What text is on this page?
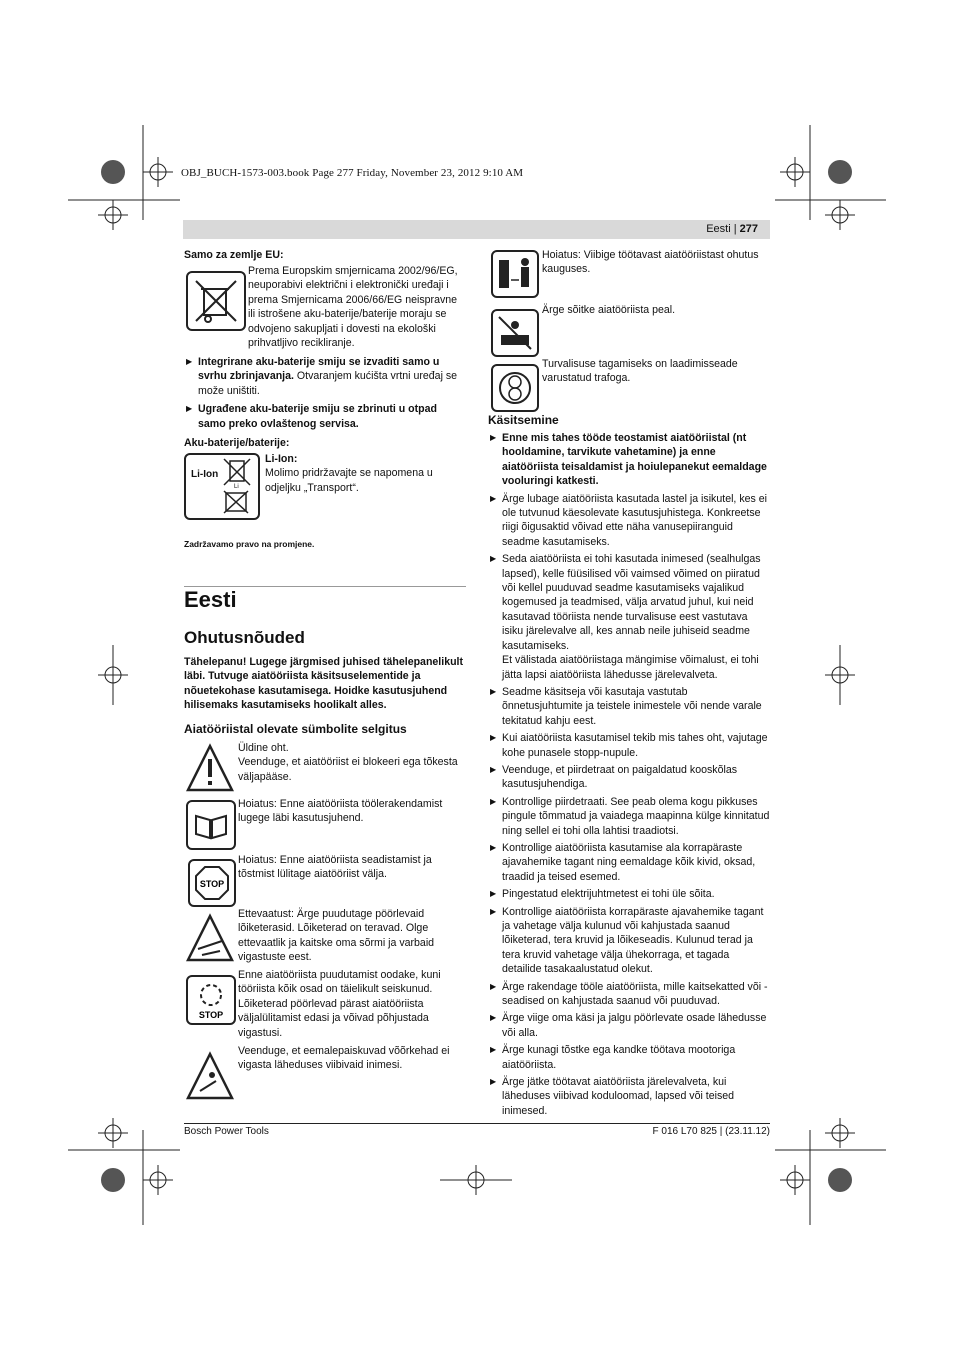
OBJ_BUCH-1573-003.book Page 277 Friday, November 23, 2012 9:10 AM
Eesti | 277
Samo za zemlje EU:
Prema Europskim smjernicama 2002/96/EG, neuporabivi električni i elektronički uređaji i prema Smjernicama 2006/66/EG neispravne ili istrošene aku-baterije/baterije moraju se odvojeno sakupljati i dovesti na ekološki prihvatljivo recikliranje.
▶ Integrirane aku-baterije smiju se izvaditi samo u svrhu zbrinjavanja. Otvaranjem kućišta vrtni uređaj se može uništiti.
▶ Ugrađene aku-baterije smiju se zbrinuti u otpad samo preko ovlaštenog servisa.
Aku-baterije/baterije:
Li-Ion
Li
Li-Ion:
Molimo pridržavajte se napomena u odjeljku „Transport“.
Zadržavamo pravo na promjene.
Eesti
Ohutusnõuded
Tähelepanu! Lugege järgmised juhised tähelepanelikult läbi. Tutvuge aiatööriista käsitsuselementide ja nõuetekohase kasutamisega. Hoidke kasutusjuhend hilisemaks kasutamiseks hoolikalt alles.
Aiatööriistal olevate sümbolite selgitus
Üldine oht.
Veenduge, et aiatööriist ei blokeeri ega tõkesta väljapääse.
Hoiatus: Enne aiatööriista töölerakendamist lugege läbi kasutusjuhend.
STOP
Hoiatus: Enne aiatööriista seadistamist ja tõstmist lülitage aiatööriist välja.
Ettevaatust: Ärge puudutage pöörlevaid lõiketerasid. Lõiketerad on teravad. Olge ettevaatlik ja kaitske oma sõrmi ja varbaid vigastuste eest.
STOP
Enne aiatööriista puudutamist oodake, kuni tööriista kõik osad on täielikult seiskunud. Lõiketerad pöörlevad pärast aiatööriista väljalülitamist edasi ja võivad põhjustada vigastusi.
Veenduge, et eemalepaiskuvad võõrkehad ei vigasta läheduses viibivaid inimesi.
Hoiatus: Viibige töötavast aiatööriistast ohutus kauguses.
Ärge sõitke aiatööriista peal.
Turvalisuse tagamiseks on laadimisseade varustatud trafoga.
Käsitsemine
▶ Enne mis tahes tööde teostamist aiatööriistal (nt hooldamine, tarvikute vahetamine) ja enne aiatööriista teisaldamist ja hoiulepanekut eemaldage vooluringi katkesti.
▶ Ärge lubage aiatööriista kasutada lastel ja isikutel, kes ei ole tutvunud käesolevate kasutusjuhistega. Konkreetse riigi õigusaktid võivad ette näha vanusepiiranguid seadme kasutamiseks.
▶ Seda aiatööriista ei tohi kasutada inimesed (sealhulgas lapsed), kelle füüsilised või vaimsed võimed on piiratud või kellel puuduvad seadme kasutamiseks vajalikud kogemused ja teadmised, välja arvatud juhul, kui neid kasutavad tööriista nende turvalisuse eest vastutava isiku järelevalve all, kes annab neile juhiseid seadme kasutamiseks.
Et välistada aiatööriistaga mängimise võimalust, ei tohi jätta lapsi aiatööriista lähedusse järelevalveta.
▶ Seadme käsitseja või kasutaja vastutab õnnetusjuhtumite ja teistele inimestele või nende varale tekitatud kahju eest.
▶ Kui aiatööriista kasutamisel tekib mis tahes oht, vajutage kohe punasele stopp-nupule.
▶ Veenduge, et piirdetraat on paigaldatud kooskõlas kasutusjuhendiga.
▶ Kontrollige piirdetraati. See peab olema kogu pikkuses pingule tõmmatud ja vaiadega maapinna külge kinnitatud ning sellel ei tohi olla lahtisi traadiotsi.
▶ Kontrollige aiatööriista kasutamise ala korrapäraste ajavahemike tagant ning eemaldage kõik kivid, oksad, traadid ja teised esemed.
▶ Pingestatud elektrijuhtmetest ei tohi üle sõita.
▶ Kontrollige aiatööriista korrapäraste ajavahemike tagant ja vahetage välja kulunud või kahjustada saanud lõiketerad, tera kruvid ja lõikeseadis. Kulunud terad ja tera kruvid vahetage välja ühekorraga, et tagada detailide tasakaalustatud olekut.
▶ Ärge rakendage tööle aiatööriista, mille kaitsekatted või -seadised on kahjustada saanud või puuduvad.
▶ Ärge viige oma käsi ja jalgu pöörlevate osade lähedusse või alla.
▶ Ärge kunagi tõstke ega kandke töötava mootoriga aiatööriista.
▶ Ärge jätke töötavat aiatööriista järelevalveta, kui läheduses viibivad koduloomad, lapsed või teised inimesed.
Bosch Power Tools	F 016 L70 825 | (23.11.12)
